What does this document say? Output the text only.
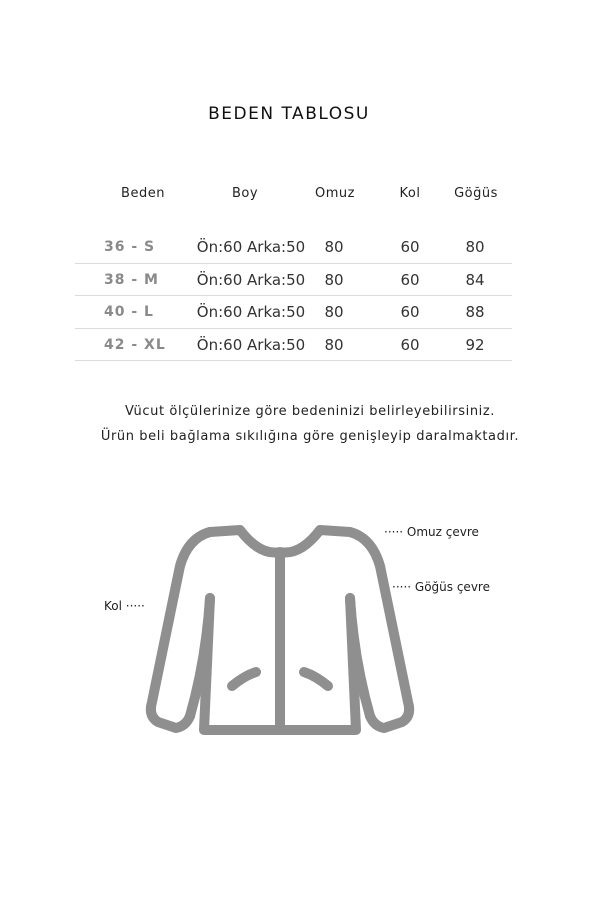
BEDEN TABLOSU
Beden	Boy	Omuz	Kol	Göğüs
36 - S	Ön:60 Arka:50	80	60	80
38 - M	Ön:60 Arka:50	80	60	84
40 - L	Ön:60 Arka:50	80	60	88
42 - XL	Ön:60 Arka:50	80	60	92
Vücut ölçülerinize göre bedeninizi belirleyebilirsiniz.
Ürün beli bağlama sıkılığına göre genişleyip daralmaktadır.
····· Omuz çevre
····· Göğüs çevre
Kol ·····
